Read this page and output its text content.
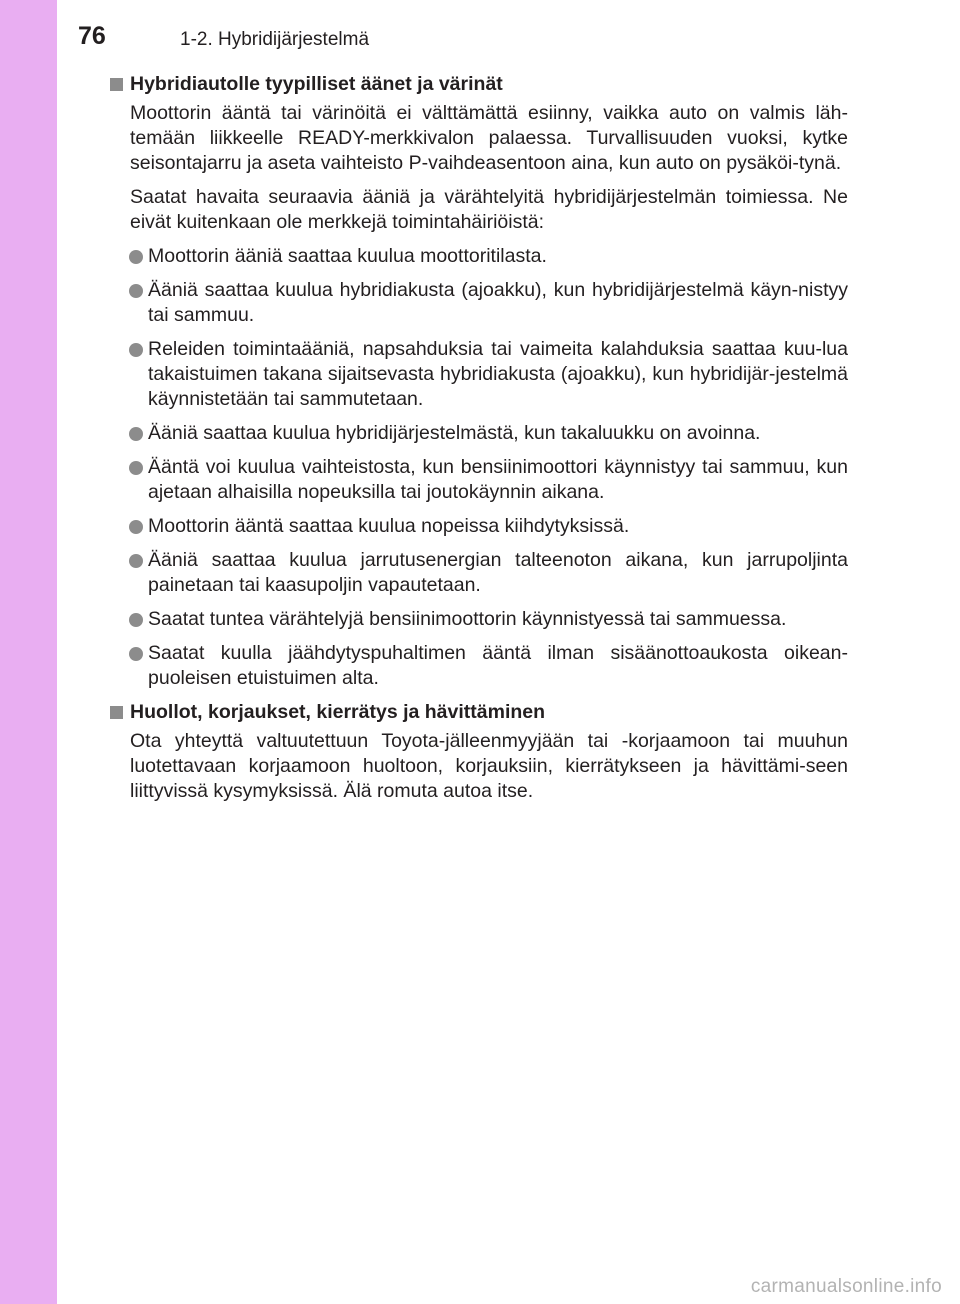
76	1-2. Hybridijärjestelmä
Hybridiautolle tyypilliset äänet ja värinät
Moottorin ääntä tai värinöitä ei välttämättä esiinny, vaikka auto on valmis läh-temään liikkeelle READY-merkkivalon palaessa. Turvallisuuden vuoksi, kytke seisontajarru ja aseta vaihteisto P-vaihdeasentoon aina, kun auto on pysäköi-tynä.
Saatat havaita seuraavia ääniä ja värähtelyitä hybridijärjestelmän toimiessa. Ne eivät kuitenkaan ole merkkejä toimintahäiriöistä:
Moottorin ääniä saattaa kuulua moottoritilasta.
Ääniä saattaa kuulua hybridiakusta (ajoakku), kun hybridijärjestelmä käyn-nistyy tai sammuu.
Releiden toimintaääniä, napsahduksia tai vaimeita kalahduksia saattaa kuu-lua takaistuimen takana sijaitsevasta hybridiakusta (ajoakku), kun hybridijär-jestelmä käynnistetään tai sammutetaan.
Ääniä saattaa kuulua hybridijärjestelmästä, kun takaluukku on avoinna.
Ääntä voi kuulua vaihteistosta, kun bensiinimoottori käynnistyy tai sammuu, kun ajetaan alhaisilla nopeuksilla tai joutokäynnin aikana.
Moottorin ääntä saattaa kuulua nopeissa kiihdytyksissä.
Ääniä saattaa kuulua jarrutusenergian talteenoton aikana, kun jarrupoljinta painetaan tai kaasupoljin vapautetaan.
Saatat tuntea värähtelyjä bensiinimoottorin käynnistyessä tai sammuessa.
Saatat kuulla jäähdytyspuhaltimen ääntä ilman sisäänottoaukosta oikean-puoleisen etuistuimen alta.
Huollot, korjaukset, kierrätys ja hävittäminen
Ota yhteyttä valtuutettuun Toyota-jälleenmyyjään tai -korjaamoon tai muuhun luotettavaan korjaamoon huoltoon, korjauksiin, kierrätykseen ja hävittämi-seen liittyvissä kysymyksissä. Älä romuta autoa itse.
carmanualsonline.info
